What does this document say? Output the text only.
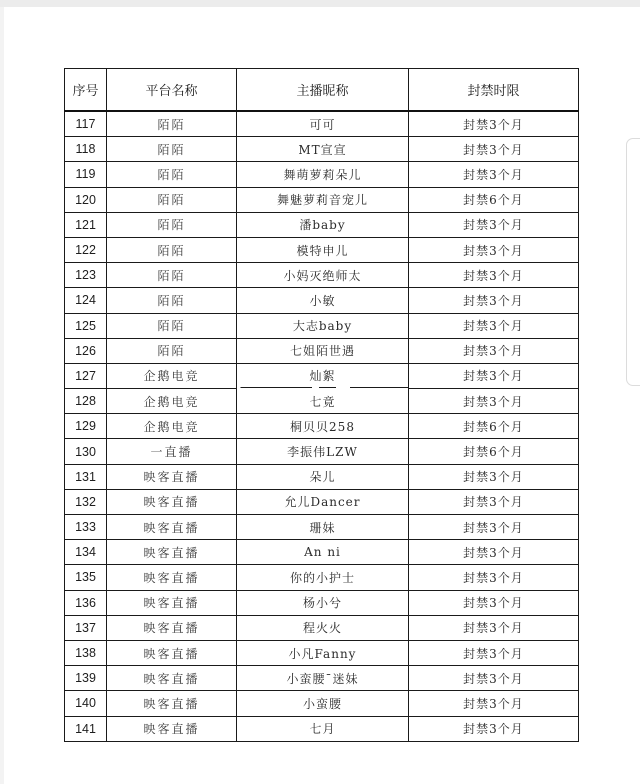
序号	平台名称	主播昵称	封禁时限
117	陌陌	可可	封禁3个月
118	陌陌	MT宣宣	封禁3个月
119	陌陌	舞萌萝莉朵儿	封禁3个月
120	陌陌	舞魅萝莉音宠儿	封禁6个月
121	陌陌	潘baby	封禁3个月
122	陌陌	模特申儿	封禁3个月
123	陌陌	小妈灭绝师太	封禁3个月
124	陌陌	小敏	封禁3个月
125	陌陌	大志baby	封禁3个月
126	陌陌	七姐陌世遇	封禁3个月
127	企鹅电竞	灿絮	封禁3个月
128	企鹅电竞	七竟	封禁3个月
129	企鹅电竞	桐贝贝258	封禁6个月
130	一直播	李振伟LZW	封禁6个月
131	映客直播	朵儿	封禁3个月
132	映客直播	允儿Dancer	封禁3个月
133	映客直播	珊妹	封禁3个月
134	映客直播	An ni	封禁3个月
135	映客直播	你的小护士	封禁3个月
136	映客直播	杨小兮	封禁3个月
137	映客直播	程火火	封禁3个月
138	映客直播	小凡Fanny	封禁3个月
139	映客直播	小蛮腰¯迷妹	封禁3个月
140	映客直播	小蛮腰	封禁3个月
141	映客直播	七月	封禁3个月
